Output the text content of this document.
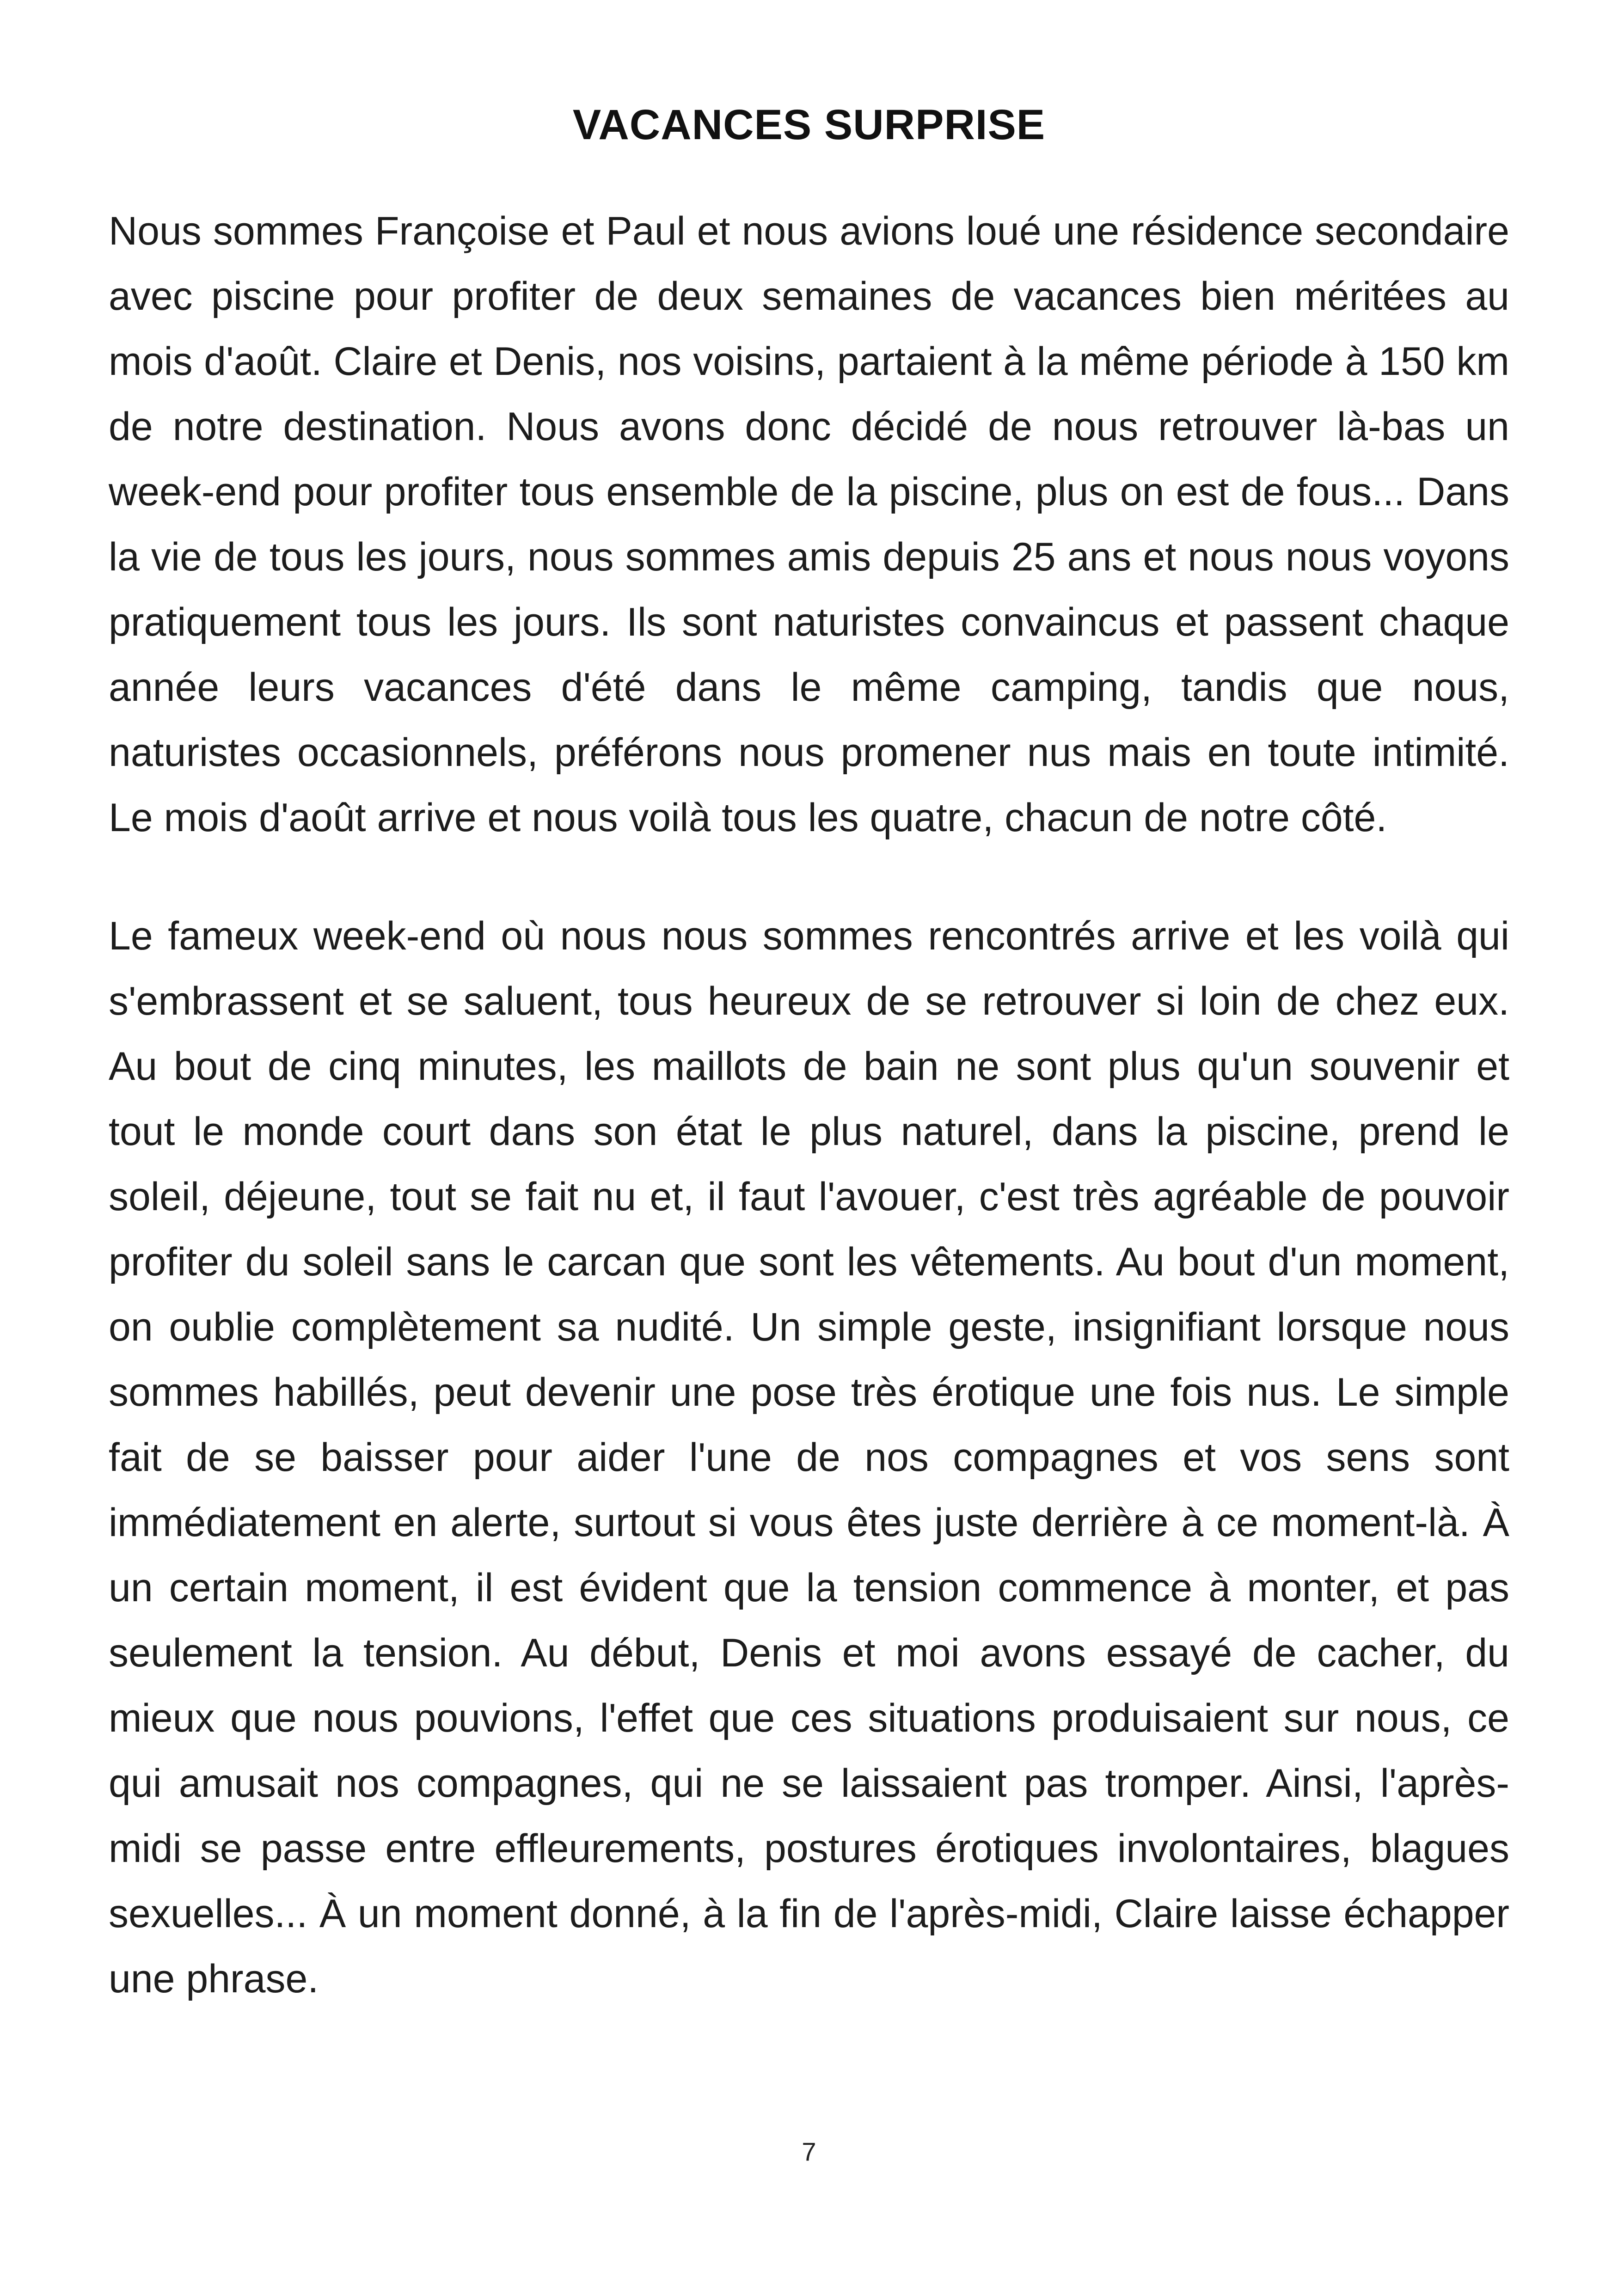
VACANCES SURPRISE

Nous sommes Françoise et Paul et nous avions loué une résidence secondaire avec piscine pour profiter de deux semaines de vacances bien méritées au mois d'août. Claire et Denis, nos voisins, partaient à la même période à 150 km de notre destination. Nous avons donc décidé de nous retrouver là-bas un week-end pour profiter tous ensemble de la piscine, plus on est de fous... Dans la vie de tous les jours, nous sommes amis depuis 25 ans et nous nous voyons pratiquement tous les jours. Ils sont naturistes convaincus et passent chaque année leurs vacances d'été dans le même camping, tandis que nous, naturistes occasionnels, préférons nous promener nus mais en toute intimité. Le mois d'août arrive et nous voilà tous les quatre, chacun de notre côté.

Le fameux week-end où nous nous sommes rencontrés arrive et les voilà qui s'embrassent et se saluent, tous heureux de se retrouver si loin de chez eux. Au bout de cinq minutes, les maillots de bain ne sont plus qu'un souvenir et tout le monde court dans son état le plus naturel, dans la piscine, prend le soleil, déjeune, tout se fait nu et, il faut l'avouer, c'est très agréable de pouvoir profiter du soleil sans le carcan que sont les vêtements. Au bout d'un moment, on oublie complètement sa nudité. Un simple geste, insignifiant lorsque nous sommes habillés, peut devenir une pose très érotique une fois nus. Le simple fait de se baisser pour aider l'une de nos compagnes et vos sens sont immédiatement en alerte, surtout si vous êtes juste derrière à ce moment-là. À un certain moment, il est évident que la tension commence à monter, et pas seulement la tension. Au début, Denis et moi avons essayé de cacher, du mieux que nous pouvions, l'effet que ces situations produisaient sur nous, ce qui amusait nos compagnes, qui ne se laissaient pas tromper. Ainsi, l'après-midi se passe entre effleurements, postures érotiques involontaires, blagues sexuelles... À un moment donné, à la fin de l'après-midi, Claire laisse échapper une phrase.

7
